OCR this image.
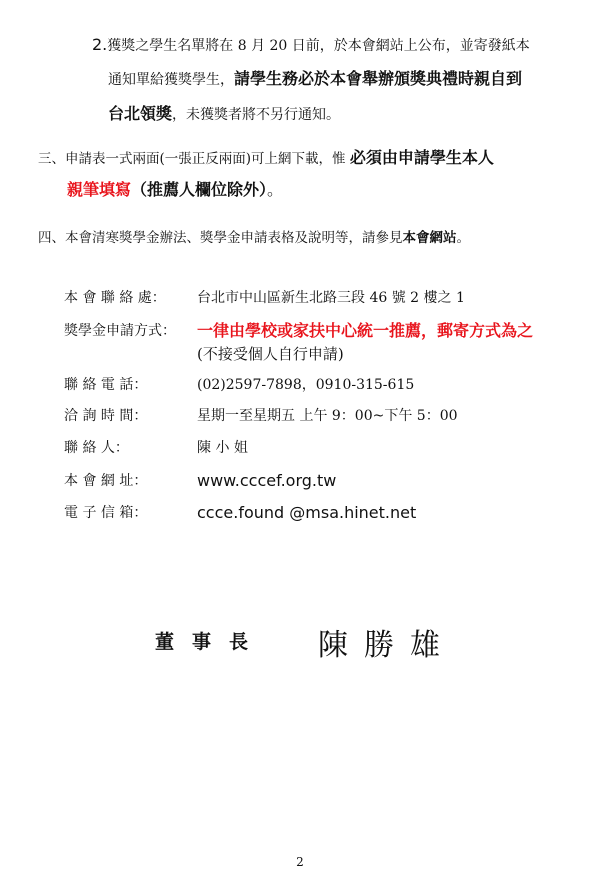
2.獲獎之學生名單將在 8 月 20 日前，於本會網站上公布，並寄發紙本
通知單給獲獎學生，請學生務必於本會舉辦頒獎典禮時親自到
台北領獎，未獲獎者將不另行通知。
三、申請表一式兩面(一張正反兩面)可上網下載，惟 必須由申請學生本人
親筆填寫（推薦人欄位除外）。
四、本會清寒獎學金辦法、獎學金申請表格及說明等，請參見本會網站。
本 會 聯 絡 處：	台北市中山區新生北路三段 46 號 2 樓之 1
獎學金申請方式：	一律由學校或家扶中心統一推薦，郵寄方式為之
(不接受個人自行申請)
聯 絡 電 話：	(02)2597-7898，0910-315-615
洽 詢 時 間：	星期一至星期五 上午 9：00~下午 5：00
聯 絡 人：	陳 小 姐
本 會 網 址：	www.cccef.org.tw
電 子 信 箱：	ccce.found @msa.hinet.net
董事長 陳勝雄
2
